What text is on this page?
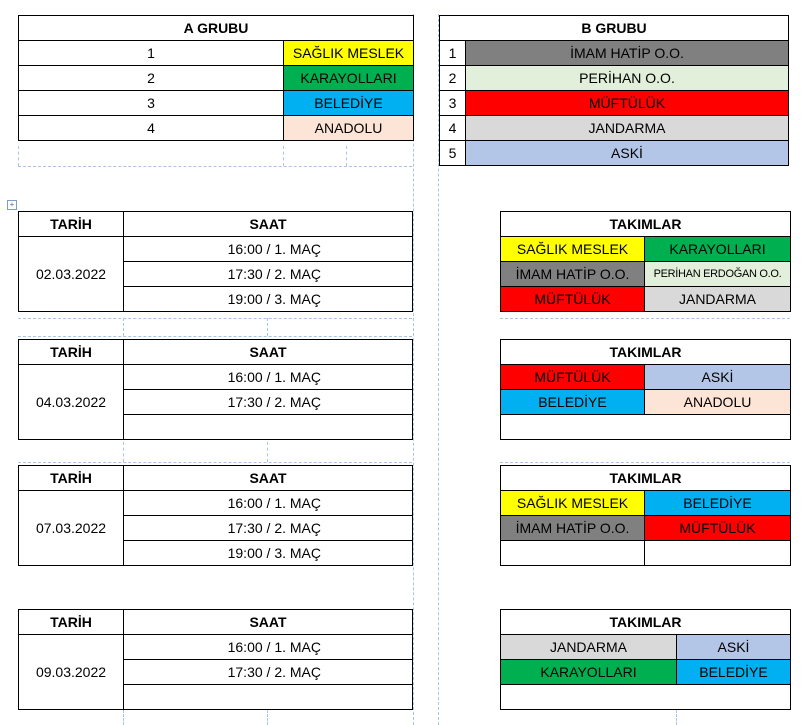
+
A GRUBU	
1	SAĞLIK MESLEK
2	KARAYOLLARI
3	BELEDİYE
4	ANADOLU
B GRUBU	
1	İMAM HATİP O.O.
2	PERİHAN O.O.
3	MÜFTÜLÜK
4	JANDARMA
5	ASKİ
TARİH	SAAT
02.03.2022	16:00 / 1. MAÇ
	17:30 / 2. MAÇ
	19:00 / 3. MAÇ
TAKIMLAR	
SAĞLIK MESLEK	KARAYOLLARI
İMAM HATİP O.O.	PERİHAN ERDOĞAN O.O.
MÜFTÜLÜK	JANDARMA
TARİH	SAAT
04.03.2022	16:00 / 1. MAÇ
	17:30 / 2. MAÇ

TAKIMLAR	
MÜFTÜLÜK	ASKİ
BELEDİYE	ANADOLU

TARİH	SAAT
07.03.2022	16:00 / 1. MAÇ
	17:30 / 2. MAÇ
	19:00 / 3. MAÇ
TAKIMLAR	
SAĞLIK MESLEK	BELEDİYE
İMAM HATİP O.O.	MÜFTÜLÜK

TARİH	SAAT
09.03.2022	16:00 / 1. MAÇ
	17:30 / 2. MAÇ

TAKIMLAR	
JANDARMA	ASKİ
KARAYOLLARI	BELEDİYE
